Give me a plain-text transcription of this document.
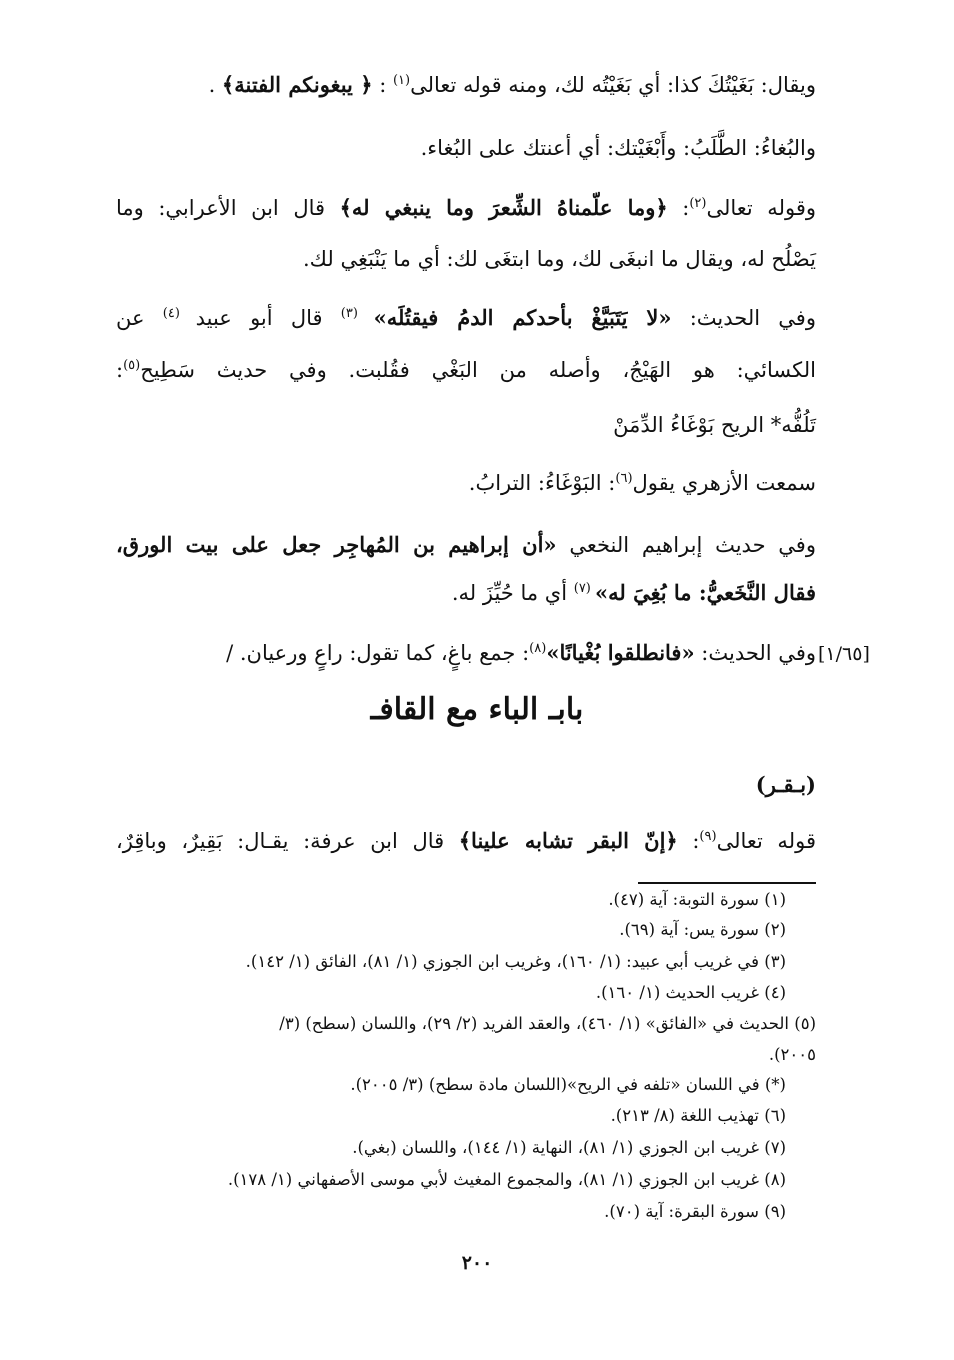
ويقال: بَغَيْتُكَ كذا: أي بَغَيْتُه لك، ومنه قوله تعالى$^{(١)}$ : ﴿ يبغونكم الفتنة﴾ .
والبُغاءُ: الطَّلَبُ: وأَبْغَيْتك: أي أعنتك على البُغاء.
وقوله تعالى$^{(٢)}$: ﴿وما علّمناهُ الشِّعرَ وما ينبغي له﴾ قال ابن الأعرابي: وما
يَصْلُح له، ويقال ما انبغَى لك، وما ابتغَى لك: أي ما يَنْبَغِي لك.
وفي الحديث: «لا يَتَبَيَّغْ بأحدكم الدمُ فيقتُلَه» $^{(٣)}$ قال أبو عبيد $^{(٤)}$ عن
الكسائي: هو الهَيْجُ، وأصله من البَغْي فقُلبت. وفي حديث سَطِيح$^{(٥)}$:
تَلُفُّه* الريح بَوْغَاءُ الدِّمَنْ
سمعت الأزهري يقول$^{(٦)}$: البَوْغَاءُ: الترابُ.
وفي حديث إبراهيم النخعي «أن إبراهيم بن المُهاجِر جعل على بيت الورق،
فقال النَّخَعيُّ: ما بُغِيَ له» $^{(٧)}$ أي ما حُيِّزَ له.
وفي الحديث: «فانطلقوا بُغْيانًا»$^{(٨)}$: جمع باغٍ، كما تقول: راعٍ ورعيان. /	[١/٦٥]
بابـ الباء مع القافـ
(بـقـر)
قوله تعالى$^{(٩)}$: ﴿إنّ البقر تشابه علينا﴾ قال ابن عرفة: يقـال: بَقِيرٌ، وباقِرٌ،
(١) سورة التوبة: آية (٤٧).
(٢) سورة يس: آية (٦٩).
(٣) في غريب أبي عبيد: (١/ ١٦٠)، وغريب ابن الجوزي (١/ ٨١)، الفائق (١/ ١٤٢).
(٤) غريب الحديث (١/ ١٦٠).
(٥) الحديث في «الفائق» (١/ ٤٦٠)، والعقد الفريد (٢/ ٢٩)، واللسان (سطح) (٣/
٢٠٠٥).
(*) في اللسان «تلفه في الريح»(اللسان مادة سطح) (٣/ ٢٠٠٥).
(٦) تهذيب اللغة (٨/ ٢١٣).
(٧) غريب ابن الجوزي (١/ ٨١)، النهاية (١/ ١٤٤)، واللسان (بغي).
(٨) غريب ابن الجوزي (١/ ٨١)، والمجموع المغيث لأبي موسى الأصفهاني (١/ ١٧٨).
(٩) سورة البقرة: آية (٧٠).
٢٠٠
